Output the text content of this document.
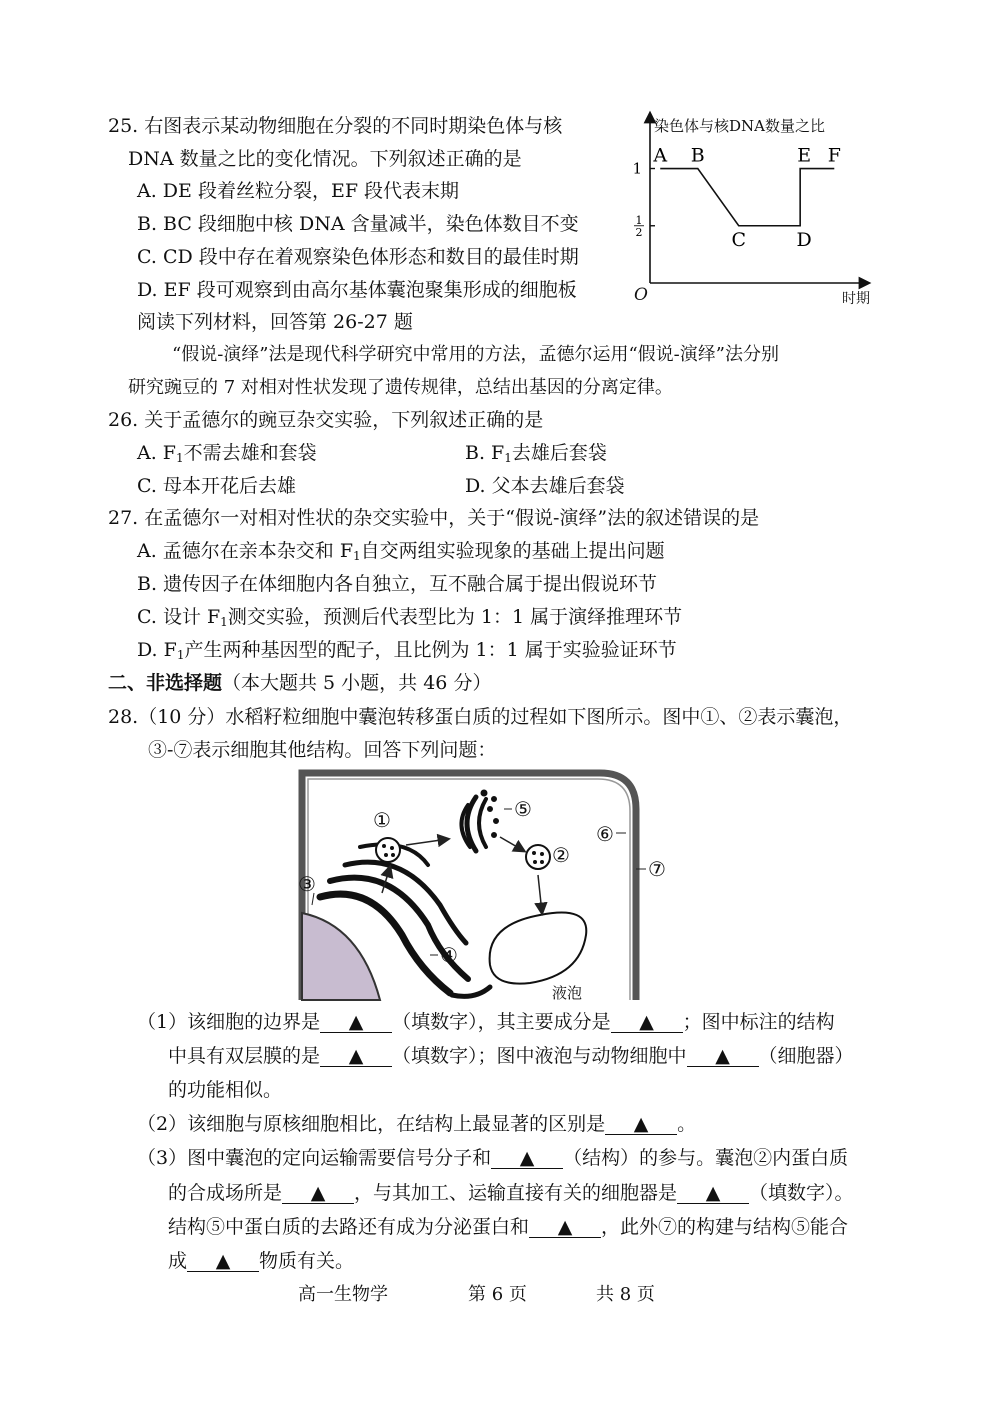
25. 右图表示某动物细胞在分裂的不同时期染色体与核
DNA 数量之比的变化情况。下列叙述正确的是
A. DE 段着丝粒分裂，EF 段代表末期
B. BC 段细胞中核 DNA 含量减半，染色体数目不变
C. CD 段中存在着观察染色体形态和数目的最佳时期
D. EF 段可观察到由高尔基体囊泡聚集形成的细胞板
染色体与核DNA数量之比
时期
O
1
1
2
A B
C	D
E F
阅读下列材料，回答第 26-27 题
“假说-演绎”法是现代科学研究中常用的方法，孟德尔运用“假说-演绎”法分别
研究豌豆的 7 对相对性状发现了遗传规律，总结出基因的分离定律。
26. 关于孟德尔的豌豆杂交实验，下列叙述正确的是
A. $F_1$不需去雄和套袋	B. $F_1$去雄后套袋
C. 母本开花后去雄	D. 父本去雄后套袋
27. 在孟德尔一对相对性状的杂交实验中，关于“假说-演绎”法的叙述错误的是
A. 孟德尔在亲本杂交和 $F_1$自交两组实验现象的基础上提出问题
B. 遗传因子在体细胞内各自独立，互不融合属于提出假说环节
C. 设计 $F_1$测交实验，预测后代表型比为 1：1 属于演绎推理环节
D. $F_1$产生两种基因型的配子，且比例为 1：1 属于实验验证环节
二、非选择题（本大题共 5 小题，共 46 分）
28.（10 分）水稻籽粒细胞中囊泡转移蛋白质的过程如下图所示。图中①、②表示囊泡，
③-⑦表示细胞其他结构。回答下列问题：
①
②
③
④
⑤
⑥
⑦
液泡
（1）该细胞的边界是 ▲ （填数字），其主要成分是 ▲ ；图中标注的结构
中具有双层膜的是 ▲ （填数字）；图中液泡与动物细胞中 ▲ （细胞器）
的功能相似。
（2）该细胞与原核细胞相比，在结构上最显著的区别是 ▲ 。
（3）图中囊泡的定向运输需要信号分子和 ▲ （结构）的参与。囊泡②内蛋白质
的合成场所是 ▲ ，与其加工、运输直接有关的细胞器是 ▲ （填数字）。
结构⑤中蛋白质的去路还有成为分泌蛋白和 ▲ ，此外⑦的构建与结构⑤能合
成 ▲ 物质有关。
高一生物学	第 6 页	共 8 页
